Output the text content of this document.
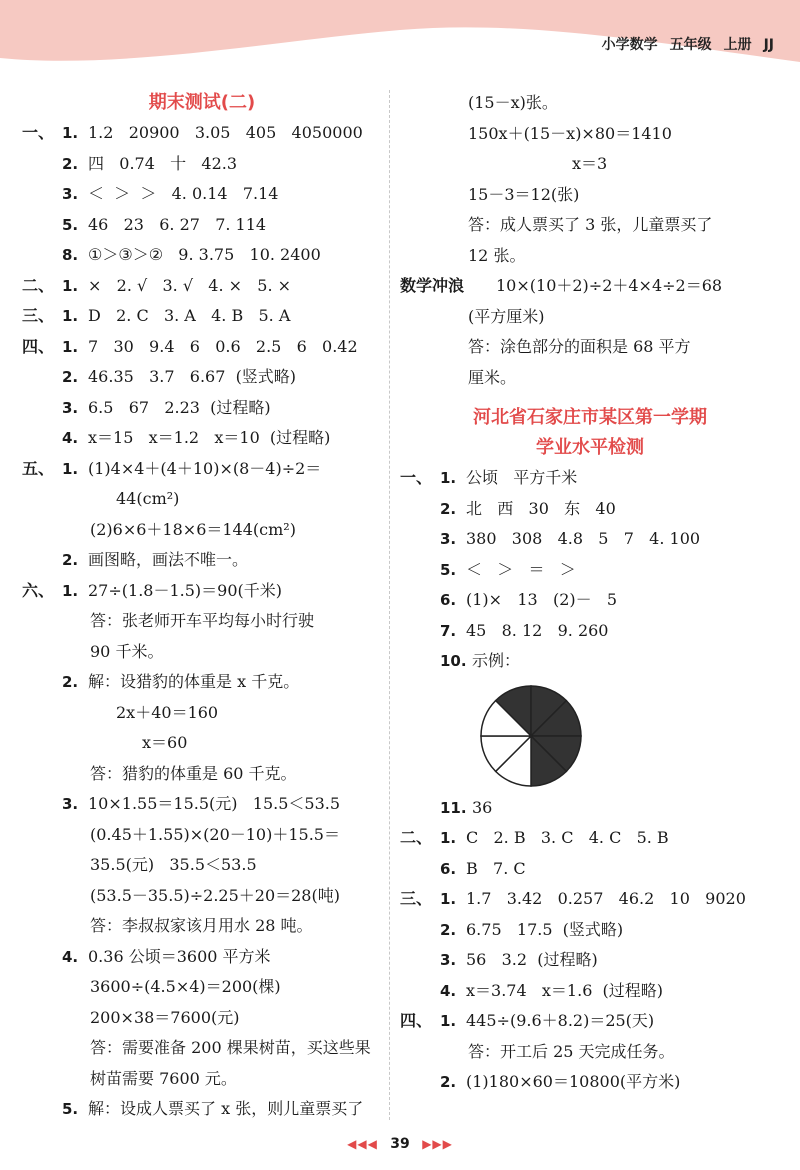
小学数学 五年级 上册 JJ
期末测试(二)
一、 1. 1.2   20900   3.05   405   4050000
2. 四   0.74   十   42.3
3. ＜  ＞  ＞   4. 0.14   7.14
5. 46   23   6. 27   7. 114
8. ①＞③＞②   9. 3.75   10. 2400
二、 1. ×   2. √   3. √   4. ×   5. ×
三、 1. D   2. C   3. A   4. B   5. A
四、 1. 7   30   9.4   6   0.6   2.5   6   0.42
2. 46.35   3.7   6.67  (竖式略)
3. 6.5   67   2.23  (过程略)
4. x＝15   x＝1.2   x＝10  (过程略)
五、 1. (1)4×4＋(4＋10)×(8－4)÷2＝
44(cm²)
(2)6×6＋18×6＝144(cm²)
2. 画图略，画法不唯一。
六、 1. 27÷(1.8－1.5)＝90(千米)
答：张老师开车平均每小时行驶
90 千米。
2. 解：设猎豹的体重是 x 千克。
2x＋40＝160
x＝60
答：猎豹的体重是 60 千克。
3. 10×1.55＝15.5(元)   15.5＜53.5
(0.45＋1.55)×(20－10)＋15.5＝
35.5(元)   35.5＜53.5
(53.5－35.5)÷2.25＋20＝28(吨)
答：李叔叔家该月用水 28 吨。
4. 0.36 公顷＝3600 平方米
3600÷(4.5×4)＝200(棵)
200×38＝7600(元)
答：需要准备 200 棵果树苗，买这些果
树苗需要 7600 元。
5. 解：设成人票买了 x 张，则儿童票买了
(15－x)张。
150x＋(15－x)×80＝1410
x＝3
15－3＝12(张)
答：成人票买了 3 张，儿童票买了
12 张。
数学冲浪 10×(10＋2)÷2＋4×4÷2＝68
(平方厘米)
答：涂色部分的面积是 68 平方
厘米。
河北省石家庄市某区第一学期
学业水平检测
一、 1. 公顷   平方千米
2. 北   西   30   东   40
3. 380   308   4.8   5   7   4. 100
5. ＜   ＞   ＝   ＞
6. (1)×   13   (2)－   5
7. 45   8. 12   9. 260
10. 示例：
11. 36
二、 1. C   2. B   3. C   4. C   5. B
6. B   7. C
三、 1. 1.7   3.42   0.257   46.2   10   9020
2. 6.75   17.5  (竖式略)
3. 56   3.2  (过程略)
4. x＝3.74   x＝1.6  (过程略)
四、 1. 445÷(9.6＋8.2)＝25(天)
答：开工后 25 天完成任务。
2. (1)180×60＝10800(平方米)
◀◀◀ 39 ▶▶▶
